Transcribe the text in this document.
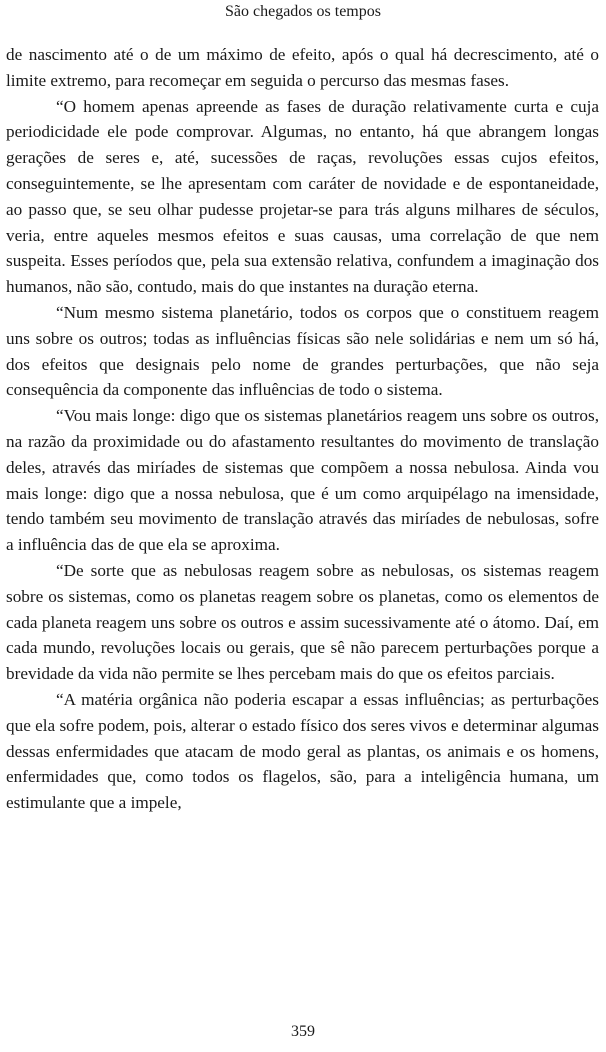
São chegados os tempos

de nascimento até o de um máximo de efeito, após o qual há decrescimento, até o limite extremo, para recomeçar em seguida o percurso das mesmas fases.

“O homem apenas apreende as fases de duração relativamente curta e cuja periodicidade ele pode comprovar. Algumas, no entanto, há que abrangem longas gerações de seres e, até, sucessões de raças, revoluções essas cujos efeitos, conseguintemente, se lhe apresentam com caráter de novidade e de espontaneidade, ao passo que, se seu olhar pudesse projetar-se para trás alguns milhares de séculos, veria, entre aqueles mesmos efeitos e suas causas, uma correlação de que nem suspeita. Esses períodos que, pela sua extensão relativa, confundem a imaginação dos humanos, não são, contudo, mais do que instantes na duração eterna.

“Num mesmo sistema planetário, todos os corpos que o constituem reagem uns sobre os outros; todas as influências físicas são nele solidárias e nem um só há, dos efeitos que designais pelo nome de grandes perturbações, que não seja consequência da componente das influências de todo o sistema.

“Vou mais longe: digo que os sistemas planetários reagem uns sobre os outros, na razão da proximidade ou do afastamento resultantes do movimento de translação deles, através das miríades de sistemas que compõem a nossa nebulosa. Ainda vou mais longe: digo que a nossa nebulosa, que é um como arquipélago na imensidade, tendo também seu movimento de translação através das miríades de nebulosas, sofre a influência das de que ela se aproxima.

“De sorte que as nebulosas reagem sobre as nebulosas, os sistemas reagem sobre os sistemas, como os planetas reagem sobre os planetas, como os elementos de cada planeta reagem uns sobre os outros e assim sucessivamente até o átomo. Daí, em cada mundo, revoluções locais ou gerais, que sê não parecem perturbações porque a brevidade da vida não permite se lhes percebam mais do que os efeitos parciais.

“A matéria orgânica não poderia escapar a essas influências; as perturbações que ela sofre podem, pois, alterar o estado físico dos seres vivos e determinar algumas dessas enfermidades que atacam de modo geral as plantas, os animais e os homens, enfermidades que, como todos os flagelos, são, para a inteligência humana, um estimulante que a impele,

359
